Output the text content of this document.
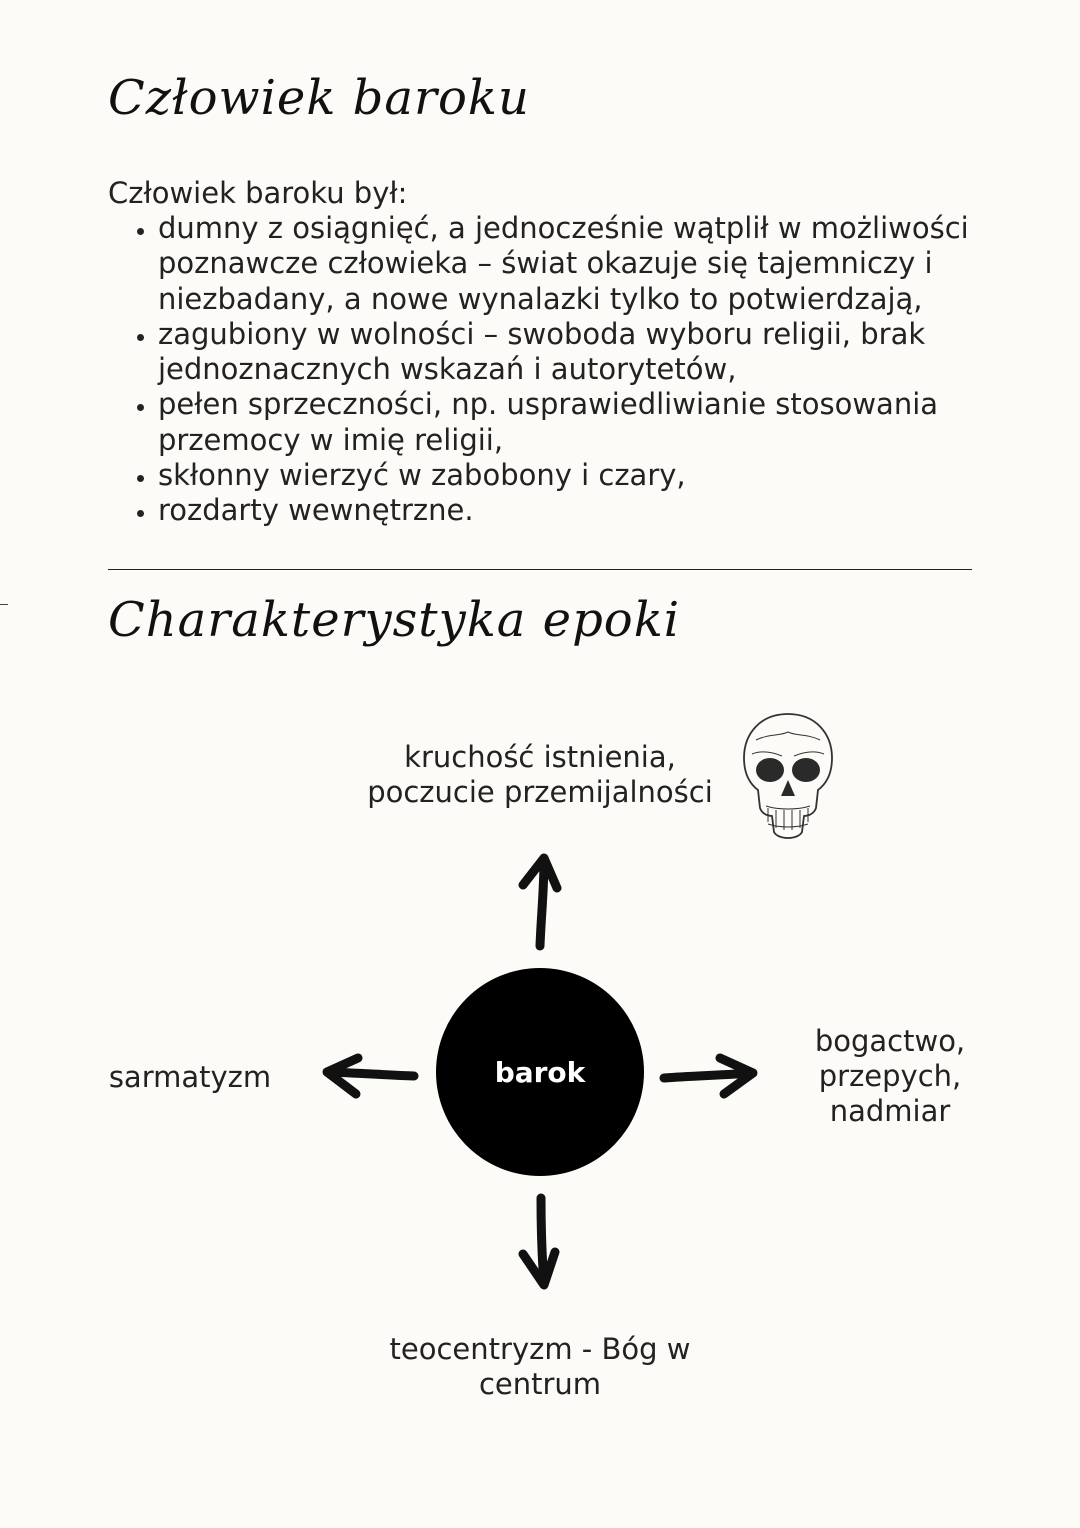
Człowiek baroku
Człowiek baroku był:
• dumny z osiągnięć, a jednocześnie wątplił w możliwości poznawcze człowieka – świat okazuje się tajemniczy i niezbadany, a nowe wynalazki tylko to potwierdzają,
• zagubiony w wolności – swoboda wyboru religii, brak jednoznacznych wskazań i autorytetów,
• pełen sprzeczności, np. usprawiedliwianie stosowania przemocy w imię religii,
• skłonny wierzyć w zabobony i czary,
• rozdarty wewnętrzne.
Charakterystyka epoki
kruchość istnienia,
poczucie przemijalności
barok
sarmatyzm
bogactwo,
przepych,
nadmiar
teocentryzm - Bóg w
centrum
